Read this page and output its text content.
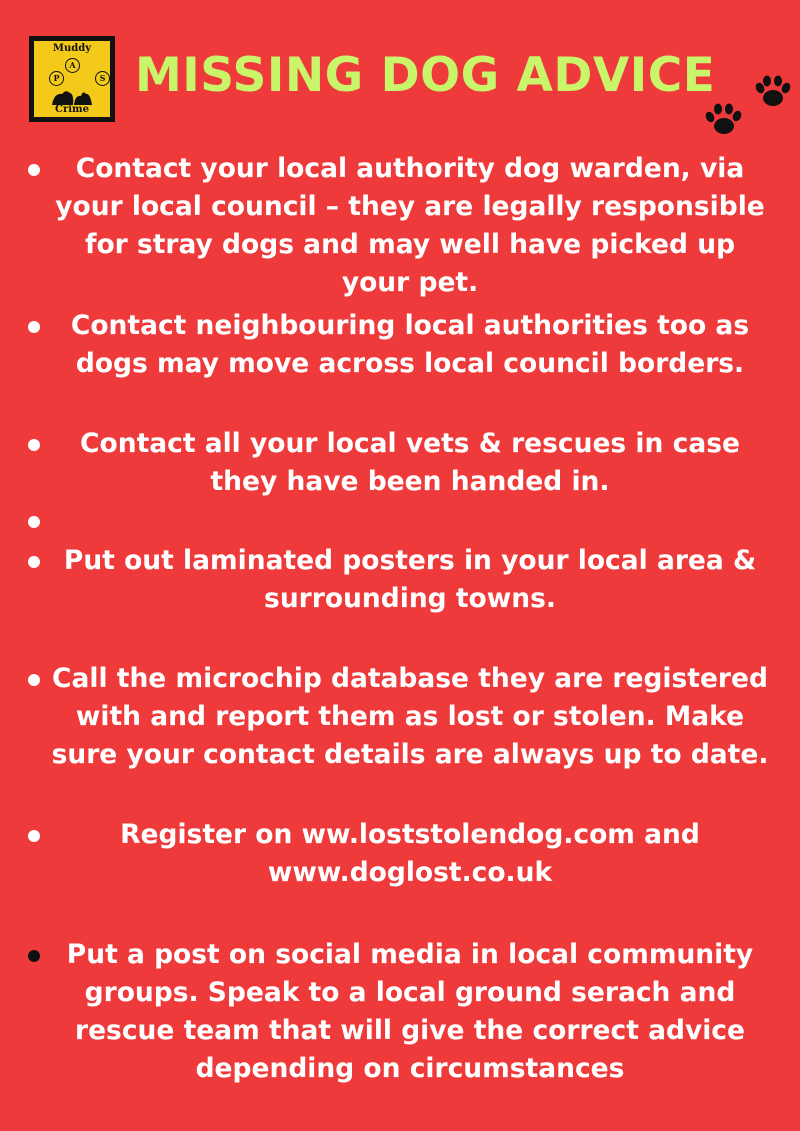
Muddy
A
P	S
Crime
MISSING DOG ADVICE
Contact your local authority dog warden, via your local council – they are legally responsible for stray dogs and may well have picked up your pet.
Contact neighbouring local authorities too as dogs may move across local council borders.
Contact all your local vets & rescues in case they have been handed in.
Put out laminated posters in your local area & surrounding towns.
Call the microchip database they are registered with and report them as lost or stolen. Make sure your contact details are always up to date.
Register on ww.loststolendog.com and www.doglost.co.uk
Put a post on social media in local community groups. Speak to a local ground serach and rescue team that will give the correct advice depending on circumstances
